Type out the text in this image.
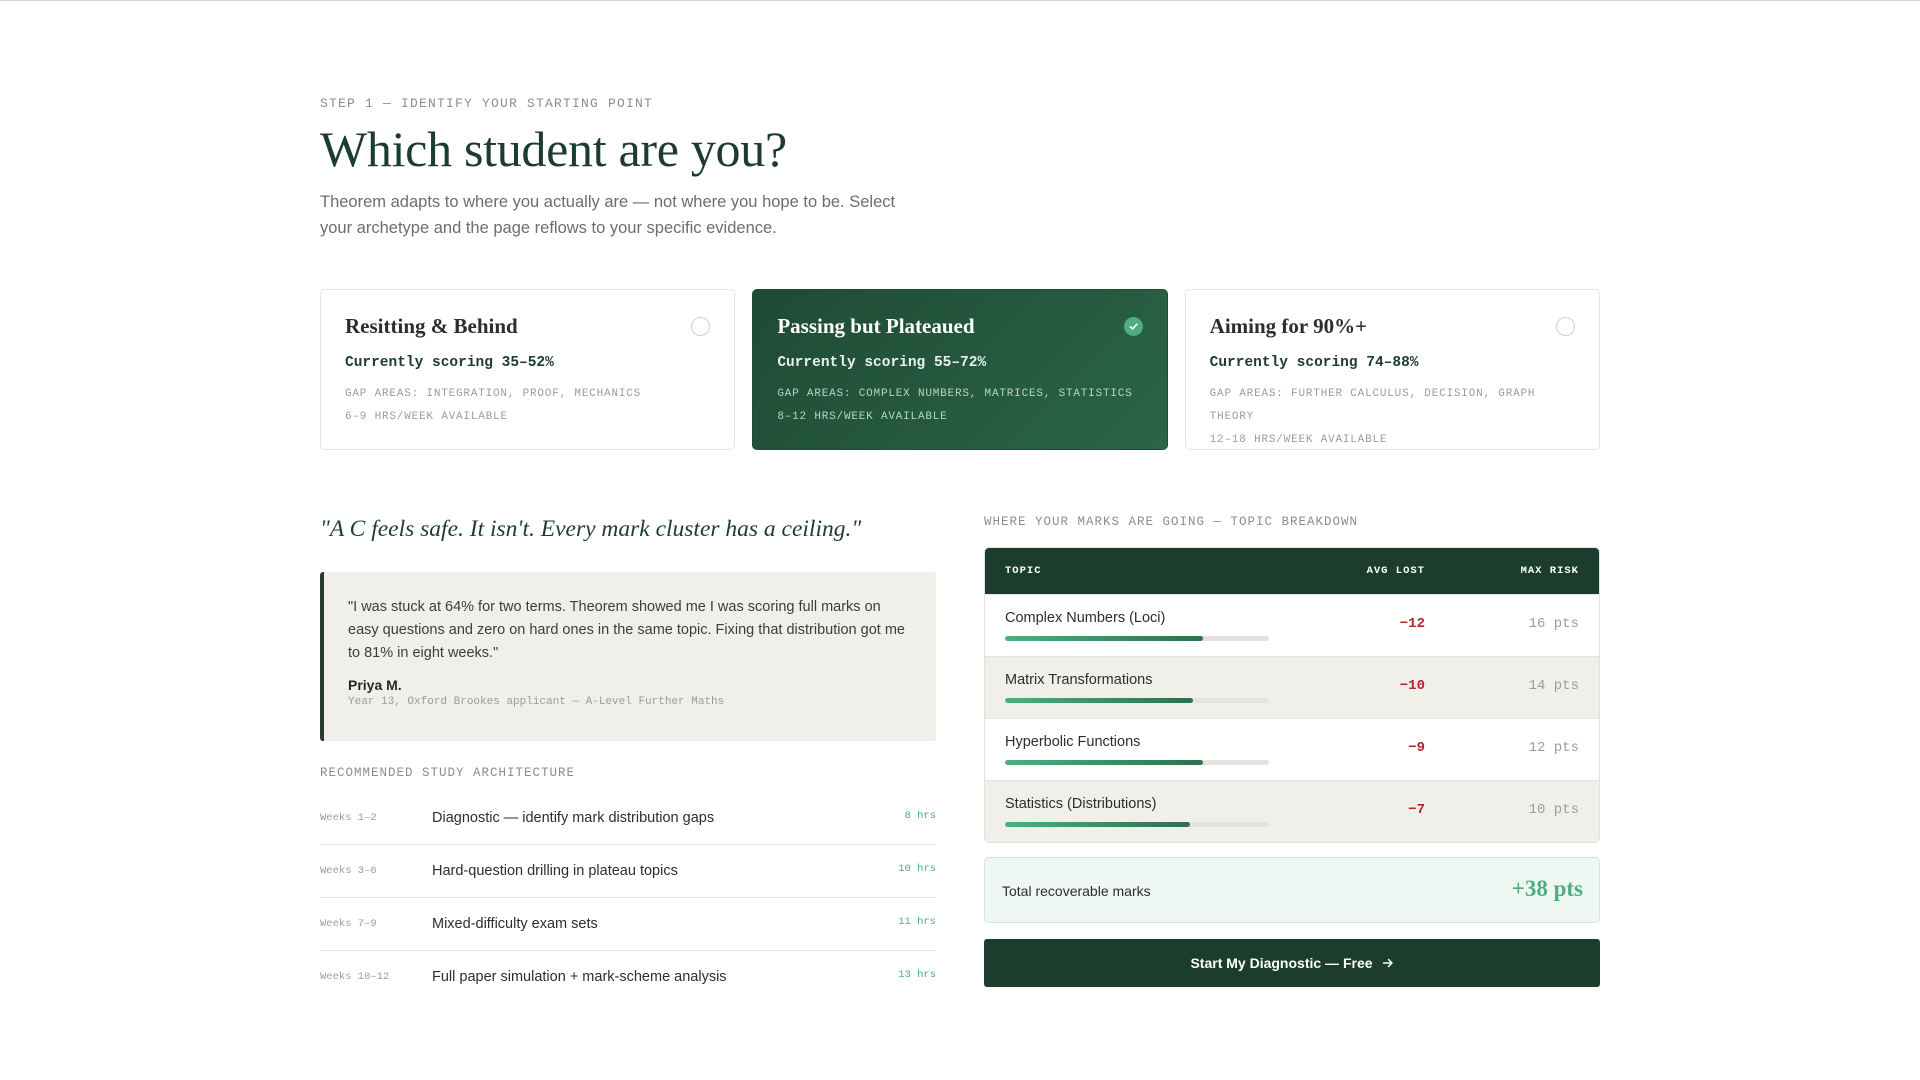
STEP 1 — IDENTIFY YOUR STARTING POINT
Which student are you?

Theorem adapts to where you actually are — not where you hope to be. Select your archetype and the page reflows to your specific evidence.

Resitting & Behind
Currently scoring 35–52%
GAP AREAS: INTEGRATION, PROOF, MECHANICS
6–9 HRS/WEEK AVAILABLE
Passing but Plateaued
Currently scoring 55–72%
GAP AREAS: COMPLEX NUMBERS, MATRICES, STATISTICS
8–12 HRS/WEEK AVAILABLE
Aiming for 90%+
Currently scoring 74–88%
GAP AREAS: FURTHER CALCULUS, DECISION, GRAPH THEORY
12–18 HRS/WEEK AVAILABLE
"A C feels safe. It isn't. Every mark cluster has a ceiling."

"I was stuck at 64% for two terms. Theorem showed me I was scoring full marks on easy questions and zero on hard ones in the same topic. Fixing that distribution got me to 81% in eight weeks."

Priya M.
Year 13, Oxford Brookes applicant — A-Level Further Maths
RECOMMENDED STUDY ARCHITECTURE
Weeks 1–2	Diagnostic — identify mark distribution gaps	8 hrs
Weeks 3–6	Hard-question drilling in plateau topics	10 hrs
Weeks 7–9	Mixed-difficulty exam sets	11 hrs
Weeks 10–12	Full paper simulation + mark-scheme analysis	13 hrs
WHERE YOUR MARKS ARE GOING — TOPIC BREAKDOWN
TOPIC	AVG LOST	MAX RISK
Complex Numbers (Loci)	−12	16 pts
Matrix Transformations	−10	14 pts
Hyperbolic Functions	−9	12 pts
Statistics (Distributions)	−7	10 pts
Total recoverable marks	+38 pts
Start My Diagnostic — Free
